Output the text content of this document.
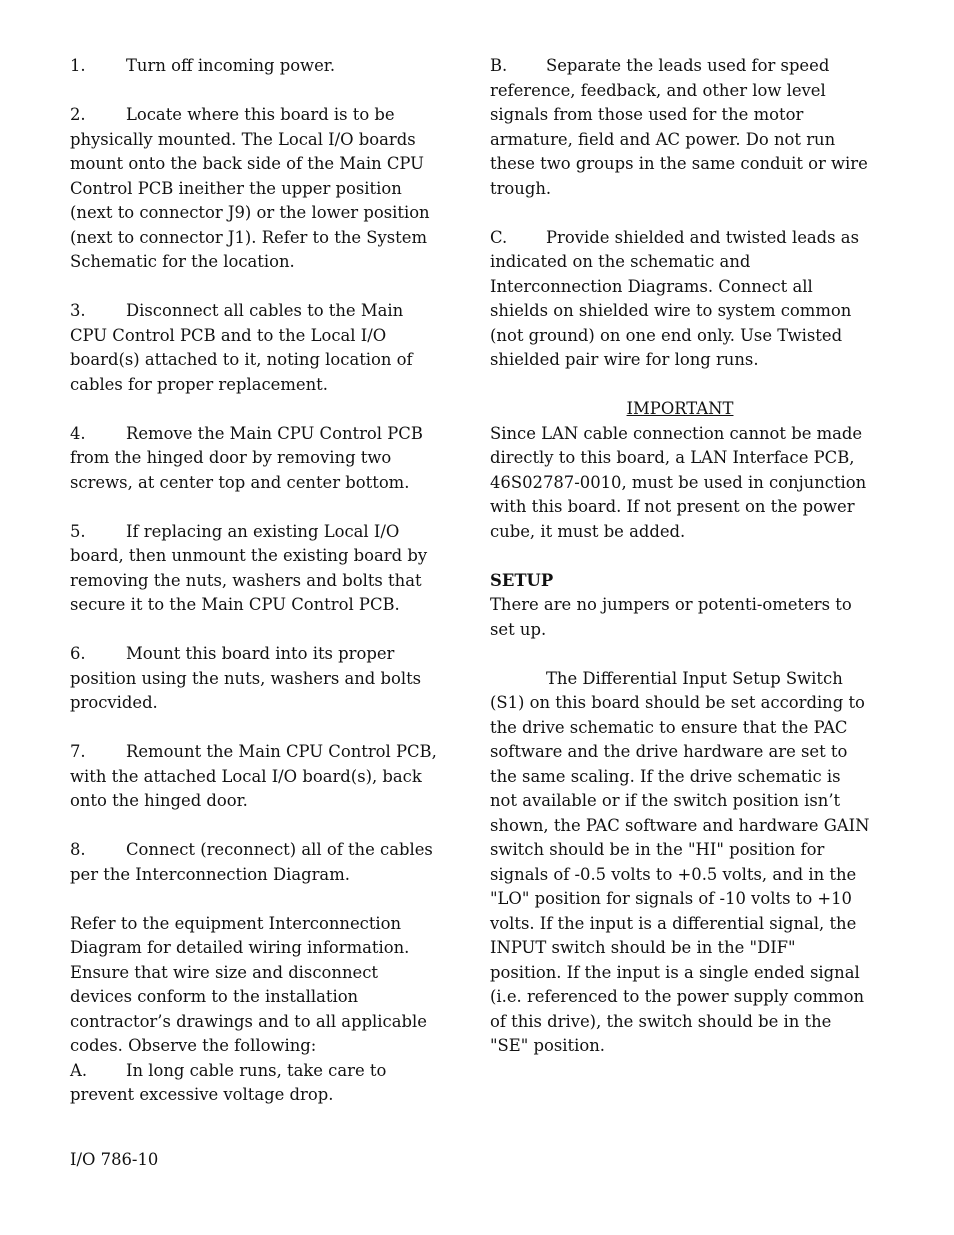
1. Turn off incoming power.

2. Locate where this board is to be physically mounted. The Local I/O boards mount onto the back side of the Main CPU Control PCB ineither the upper position (next to connector J9) or the lower position (next to connector J1). Refer to the System Schematic for the location.

3. Disconnect all cables to the Main CPU Control PCB and to the Local I/O board(s) attached to it, noting location of cables for proper replacement.

4. Remove the Main CPU Control PCB from the hinged door by removing two screws, at center top and center bottom.

5. If replacing an existing Local I/O board, then unmount the existing board by removing the nuts, washers and bolts that secure it to the Main CPU Control PCB.

6. Mount this board into its proper position using the nuts, washers and bolts procvided.

7. Remount the Main CPU Control PCB, with the attached Local I/O board(s), back onto the hinged door.

8. Connect (reconnect) all of the cables per the Interconnection Diagram.

Refer to the equipment Interconnection Diagram for detailed wiring information. Ensure that wire size and disconnect devices conform to the installation contractor’s drawings and to all applicable codes. Observe the following:

A. In long cable runs, take care to prevent excessive voltage drop.

B. Separate the leads used for speed reference, feedback, and other low level signals from those used for the motor armature, field and AC power. Do not run these two groups in the same conduit or wire trough.

C. Provide shielded and twisted leads as indicated on the schematic and Interconnection Diagrams. Connect all shields on shielded wire to system common (not ground) on one end only. Use Twisted shielded pair wire for long runs.

IMPORTANT

Since LAN cable connection cannot be made directly to this board, a LAN Interface PCB, 46S02787-0010, must be used in conjunction with this board. If not present on the power cube, it must be added.

SETUP

There are no jumpers or potenti-ometers to set up.

The Differential Input Setup Switch (S1) on this board should be set according to the drive schematic to ensure that the PAC software and the drive hardware are set to the same scaling. If the drive schematic is not available or if the switch position isn’t shown, the PAC software and hardware GAIN switch should be in the "HI" position for signals of -0.5 volts to +0.5 volts, and in the "LO" position for signals of -10 volts to +10 volts. If the input is a differential signal, the INPUT switch should be in the "DIF" position. If the input is a single ended signal (i.e. referenced to the power supply common of this drive), the switch should be in the "SE" position.

I/O 786-10
